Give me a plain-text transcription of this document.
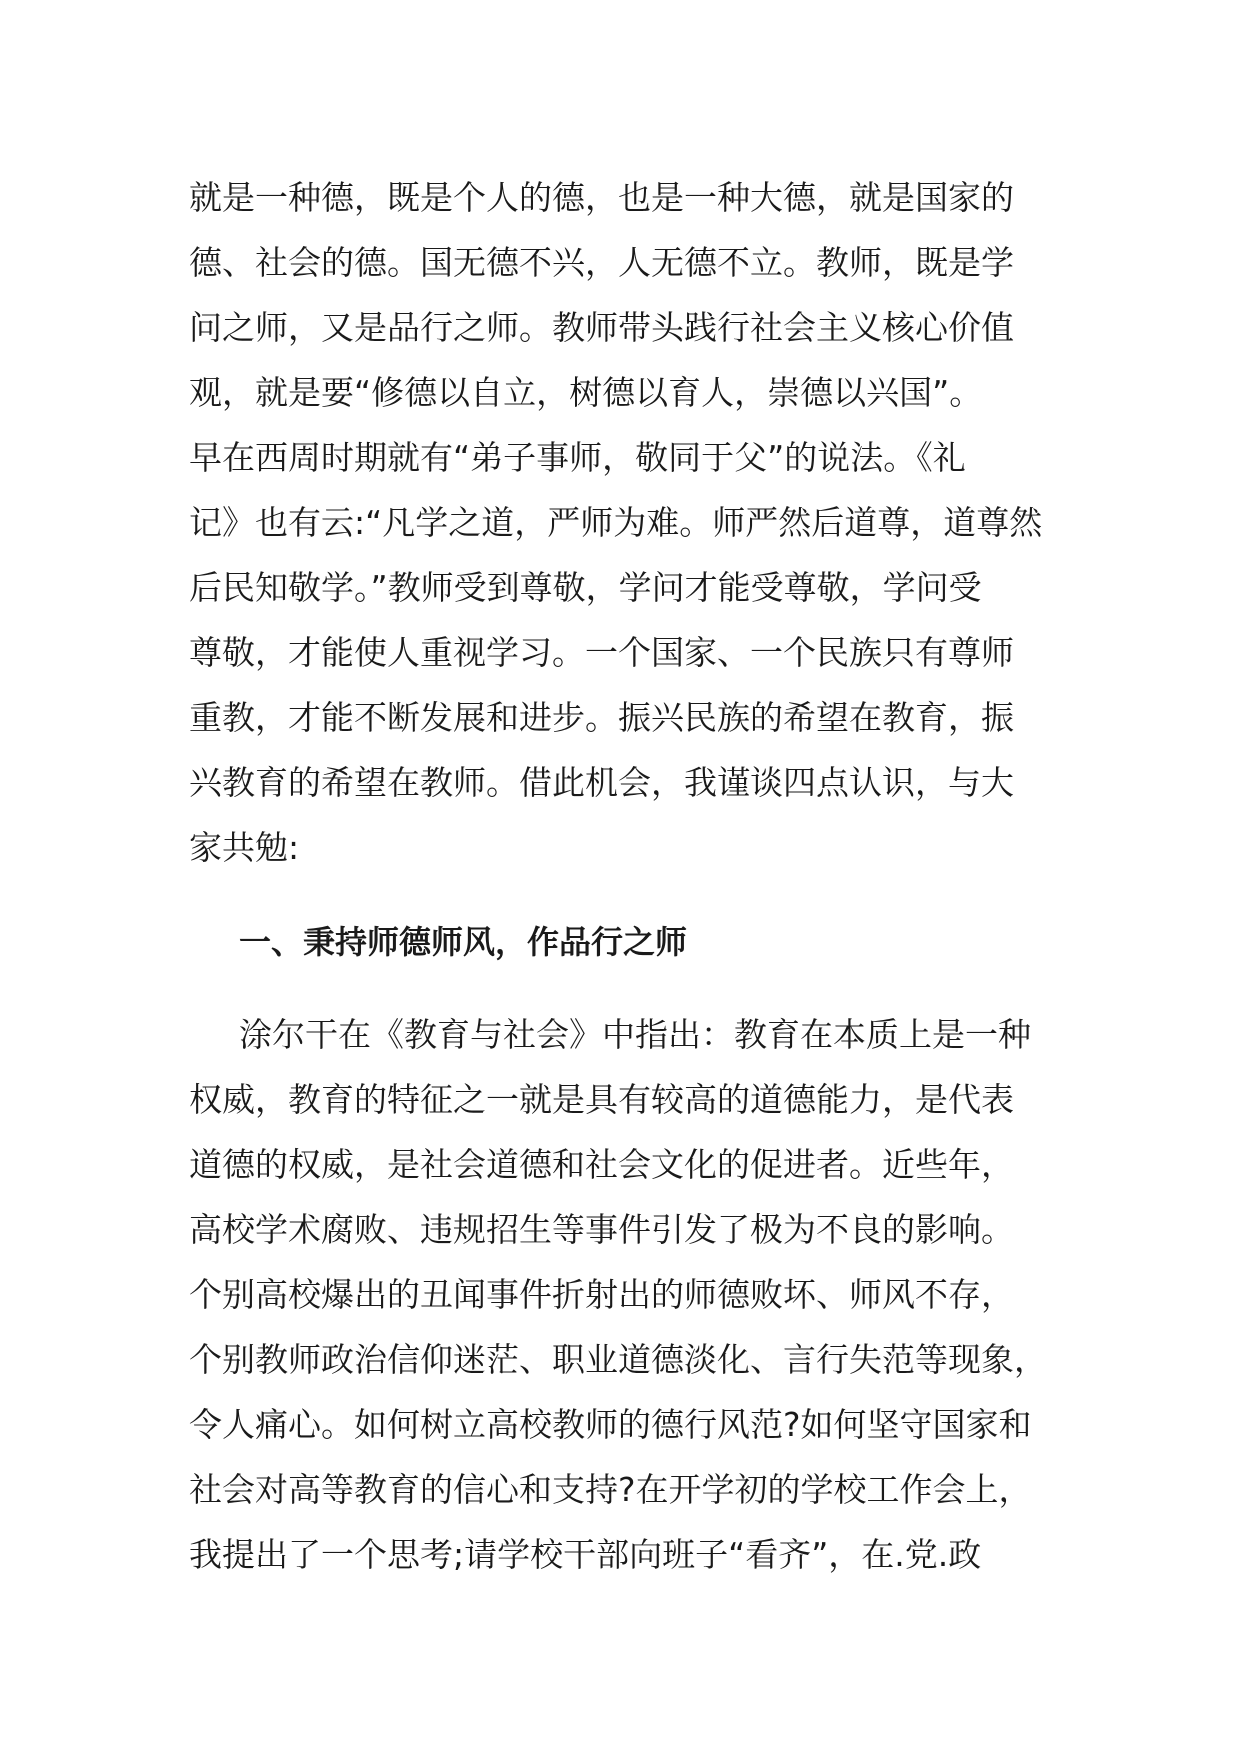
就是一种德，既是个人的德，也是一种大德，就是国家的
德、社会的德。国无德不兴，人无德不立。教师，既是学
问之师，又是品行之师。教师带头践行社会主义核心价值
观，就是要“修德以自立，树德以育人，崇德以兴国”。
早在西周时期就有“弟子事师，敬同于父”的说法。《礼
记》也有云:“凡学之道，严师为难。师严然后道尊，道尊然
后民知敬学。”教师受到尊敬，学问才能受尊敬，学问受
尊敬，才能使人重视学习。一个国家、一个民族只有尊师
重教，才能不断发展和进步。振兴民族的希望在教育，振
兴教育的希望在教师。借此机会，我谨谈四点认识，与大
家共勉:
一、秉持师德师风，作品行之师
涂尔干在《教育与社会》中指出：教育在本质上是一种
权威，教育的特征之一就是具有较高的道德能力，是代表
道德的权威，是社会道德和社会文化的促进者。近些年，
高校学术腐败、违规招生等事件引发了极为不良的影响。
个别高校爆出的丑闻事件折射出的师德败坏、师风不存，
个别教师政治信仰迷茫、职业道德淡化、言行失范等现象，
令人痛心。如何树立高校教师的德行风范?如何坚守国家和
社会对高等教育的信心和支持?在开学初的学校工作会上，
我提出了一个思考;请学校干部向班子“看齐”，在.党.政
